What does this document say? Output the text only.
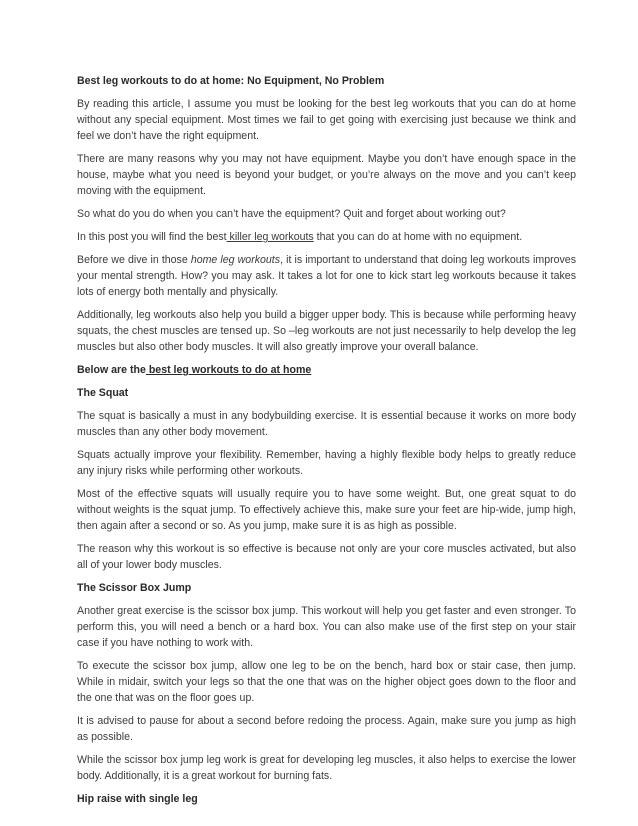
Best leg workouts to do at home: No Equipment, No Problem

By reading this article, I assume you must be looking for the best leg workouts that you can do at home without any special equipment. Most times we fail to get going with exercising just because we think and feel we don’t have the right equipment.

There are many reasons why you may not have equipment. Maybe you don’t have enough space in the house, maybe what you need is beyond your budget, or you’re always on the move and you can’t keep moving with the equipment.

So what do you do when you can’t have the equipment? Quit and forget about working out?

In this post you will find the best killer leg workouts that you can do at home with no equipment.

Before we dive in those home leg workouts, it is important to understand that doing leg workouts improves your mental strength. How? you may ask. It takes a lot for one to kick start leg workouts because it takes lots of energy both mentally and physically.

Additionally, leg workouts also help you build a bigger upper body. This is because while performing heavy squats, the chest muscles are tensed up. So –leg workouts are not just necessarily to help develop the leg muscles but also other body muscles. It will also greatly improve your overall balance.

Below are the best leg workouts to do at home
The Squat

The squat is basically a must in any bodybuilding exercise. It is essential because it works on more body muscles than any other body movement.

Squats actually improve your flexibility. Remember, having a highly flexible body helps to greatly reduce any injury risks while performing other workouts.

Most of the effective squats will usually require you to have some weight. But, one great squat to do without weights is the squat jump. To effectively achieve this, make sure your feet are hip-wide, jump high, then again after a second or so. As you jump, make sure it is as high as possible.

The reason why this workout is so effective is because not only are your core muscles activated, but also all of your lower body muscles.

The Scissor Box Jump

Another great exercise is the scissor box jump. This workout will help you get faster and even stronger. To perform this, you will need a bench or a hard box. You can also make use of the first step on your stair case if you have nothing to work with.

To execute the scissor box jump, allow one leg to be on the bench, hard box or stair case, then jump. While in midair, switch your legs so that the one that was on the higher object goes down to the floor and the one that was on the floor goes up.

It is advised to pause for about a second before redoing the process. Again, make sure you jump as high as possible.

While the scissor box jump leg work is great for developing leg muscles, it also helps to exercise the lower body. Additionally, it is a great workout for burning fats.

Hip raise with single leg
